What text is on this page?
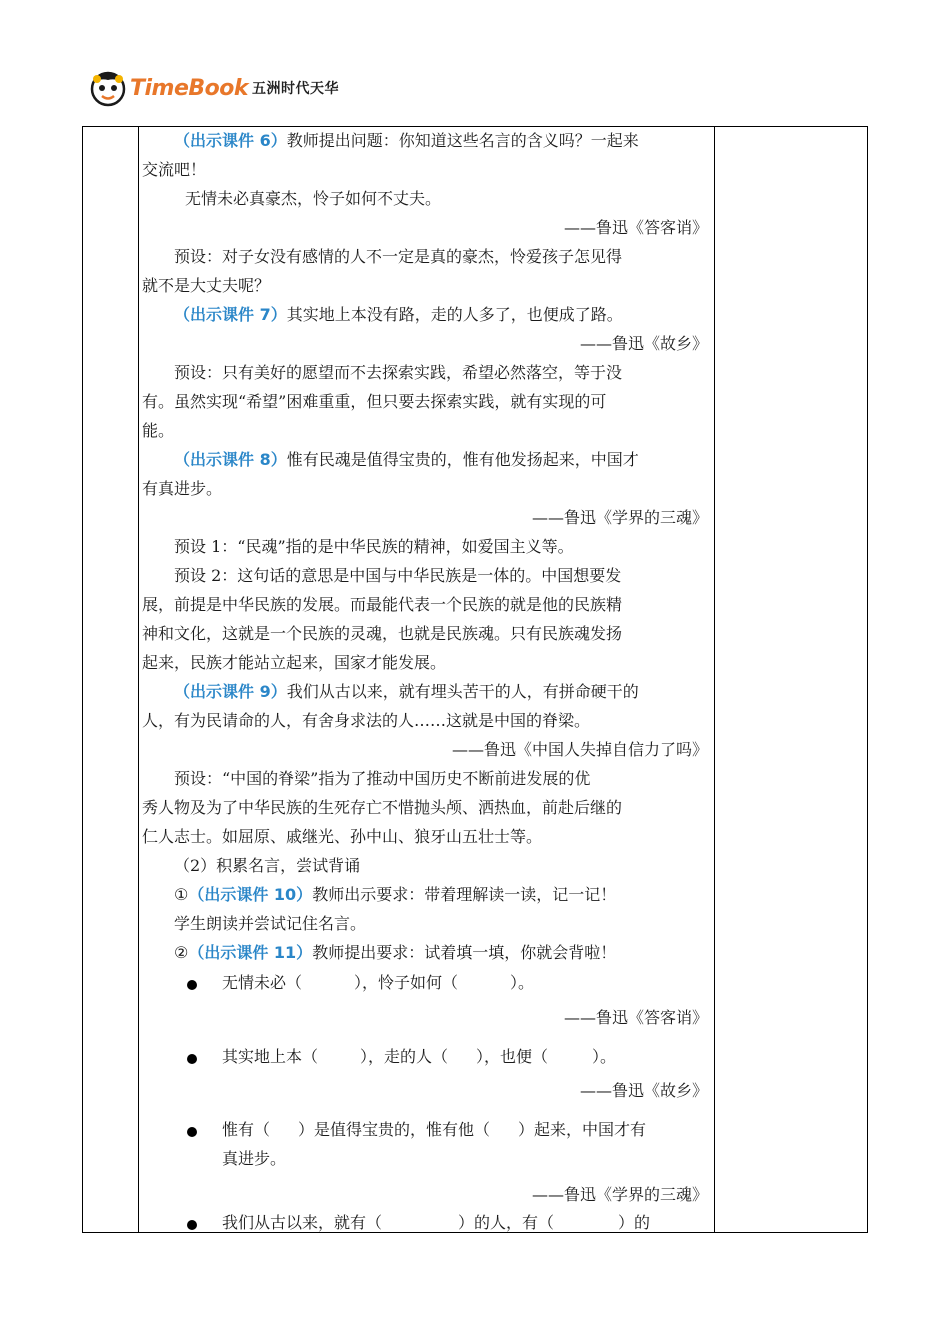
TimeBook 五洲时代天华
（出示课件 6）教师提出问题：你知道这些名言的含义吗？一起来
交流吧！
无情未必真豪杰，怜子如何不丈夫。
——鲁迅《答客诮》
预设：对子女没有感情的人不一定是真的豪杰，怜爱孩子怎见得
就不是大丈夫呢？
（出示课件 7）其实地上本没有路，走的人多了，也便成了路。
——鲁迅《故乡》
预设：只有美好的愿望而不去探索实践，希望必然落空，等于没
有。虽然实现“希望”困难重重，但只要去探索实践，就有实现的可
能。
（出示课件 8）惟有民魂是值得宝贵的，惟有他发扬起来，中国才
有真进步。
——鲁迅《学界的三魂》
预设 1：“民魂”指的是中华民族的精神，如爱国主义等。
预设 2：这句话的意思是中国与中华民族是一体的。中国想要发
展，前提是中华民族的发展。而最能代表一个民族的就是他的民族精
神和文化，这就是一个民族的灵魂，也就是民族魂。只有民族魂发扬
起来，民族才能站立起来，国家才能发展。
（出示课件 9）我们从古以来，就有埋头苦干的人，有拼命硬干的
人，有为民请命的人，有舍身求法的人……这就是中国的脊梁。
——鲁迅《中国人失掉自信力了吗》
预设：“中国的脊梁”指为了推动中国历史不断前进发展的优
秀人物及为了中华民族的生死存亡不惜抛头颅、洒热血，前赴后继的
仁人志士。如屈原、戚继光、孙中山、狼牙山五壮士等。
（2）积累名言，尝试背诵
①（出示课件 10）教师出示要求：带着理解读一读，记一记！
学生朗读并尝试记住名言。
②（出示课件 11）教师提出要求：试着填一填，你就会背啦！
无情未必（	），怜子如何（	）。
——鲁迅《答客诮》
其实地上本（	），走的人（ ），也便（	）。
——鲁迅《故乡》
惟有（ ）是值得宝贵的，惟有他（ ）起来，中国才有
真进步。
——鲁迅《学界的三魂》
我们从古以来，就有（	）的人，有（	）的
